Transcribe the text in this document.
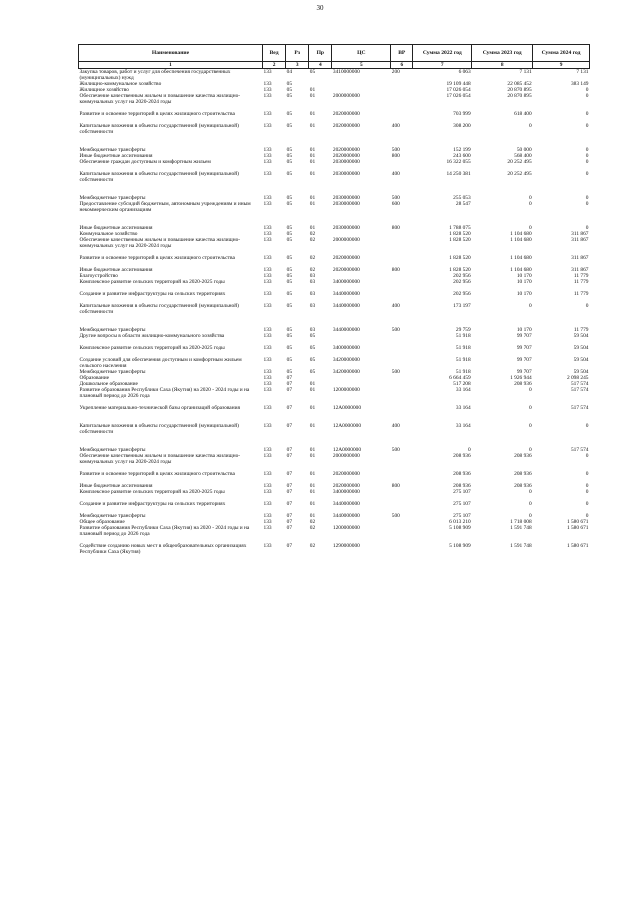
30
Наименование	Вед	Рз	Пр	ЦС	ВР	Сумма 2022 год	Сумма 2023 год	Сумма 2024 год
1	2	3	4	5	6	7	8	9
Закупка товаров, работ и услуг для обеспечения государственных (муниципальных) нужд	133	04	05	3410000000	200	6 063	7 131	7 131
Жилищно-коммунальное хозяйство	133	05				19 109 448	22 085 452	383 149
Жилищное хозяйство	133	05	01			17 026 054	20 870 895	0
Обеспечение качественным жильем и повышение качества жилищно-коммунальных услуг на 2020-2024 годы	133	05	01	2000000000		17 026 054	20 870 895	0
Развитие и освоение территорий в целях жилищного строительства	133	05	01	2020000000		703 999	618 400	0
Капитальные вложения в объекты государственной (муниципальной) собственности	133	05	01	2020000000	400	308 200	0	0
Межбюджетные трансферты	133	05	01	2020000000	500	152 199	50 000	0
Иные бюджетные ассигнования	133	05	01	2020000000	800	243 600	568 400	0
Обеспечение граждан доступным и комфортным жильем	133	05	01	2030000000		16 322 055	20 252 495	0
Капитальные вложения в объекты государственной (муниципальной) собственности	133	05	01	2030000000	400	14 250 381	20 252 495	0
Межбюджетные трансферты	133	05	01	2030000000	500	255 053	0	0
Предоставление субсидий бюджетным, автономным учреждениям и иным некоммерческим организациям	133	05	01	2030000000	600	28 547	0	0
Иные бюджетные ассигнования	133	05	01	2030000000	800	1 788 075	0	0
Коммунальное хозяйство	133	05	02			1 828 520	1 104 680	311 867
Обеспечение качественным жильем и повышение качества жилищно-коммунальных услуг на 2020-2024 годы	133	05	02	2000000000		1 828 520	1 104 680	311 867
Развитие и освоение территорий в целях жилищного строительства	133	05	02	2020000000		1 828 520	1 104 680	311 867
Иные бюджетные ассигнования	133	05	02	2020000000	800	1 828 520	1 104 680	311 867
Благоустройство	133	05	03			202 956	10 170	11 779
Комплексное развитие сельских территорий на 2020-2025 годы	133	05	03	3400000000		202 956	10 170	11 779
Создание и развитие инфраструктуры на сельских территориях	133	05	03	3440000000		202 956	10 170	11 779
Капитальные вложения в объекты государственной (муниципальной) собственности	133	05	03	3440000000	400	173 197	0	0
Межбюджетные трансферты	133	05	03	3440000000	500	29 759	10 170	11 779
Другие вопросы в области жилищно-коммунального хозяйства	133	05	05			51 918	99 707	59 504
Комплексное развитие сельских территорий на 2020-2025 годы	133	05	05	3400000000		51 918	99 707	59 504
Создание условий для обеспечения доступным и комфортным жильем сельского населения	133	05	05	3420000000		51 918	99 707	59 504
Межбюджетные трансферты	133	05	05	3420000000	500	51 918	99 707	59 504
Образование	133	07				6 664 459	1 926 944	2 098 245
Дошкольное образование	133	07	01			517 208	208 936	517 574
Развитие образования Республики Саха (Якутия) на 2020 - 2024 годы и на плановый период до 2026 года	133	07	01	1200000000		33 164	0	517 574
Укрепление материально-технической базы организаций образования	133	07	01	12А0000000		33 164	0	517 574
Капитальные вложения в объекты государственной (муниципальной) собственности	133	07	01	12А0000000	400	33 164	0	0
Межбюджетные трансферты	133	07	01	12А0000000	500	0	0	517 574
Обеспечение качественным жильем и повышение качества жилищно-коммунальных услуг на 2020-2024 годы	133	07	01	2000000000		208 936	208 936	0
Развитие и освоение территорий в целях жилищного строительства	133	07	01	2020000000		208 936	208 936	0
Иные бюджетные ассигнования	133	07	01	2020000000	800	208 936	208 936	0
Комплексное развитие сельских территорий на 2020-2025 годы	133	07	01	3400000000		275 107	0	0
Создание и развитие инфраструктуры на сельских территориях	133	07	01	3440000000		275 107	0	0
Межбюджетные трансферты	133	07	01	3440000000	500	275 107	0	0
Общее образование	133	07	02			6 013 210	1 718 008	1 580 671
Развитие образования Республики Саха (Якутия) на 2020 - 2024 годы и на плановый период до 2026 года	133	07	02	1200000000		5 108 909	1 591 748	1 580 671
Содействие созданию новых мест в общеобразовательных организациях Республики Саха (Якутия)	133	07	02	1290000000		5 108 909	1 591 748	1 580 671
